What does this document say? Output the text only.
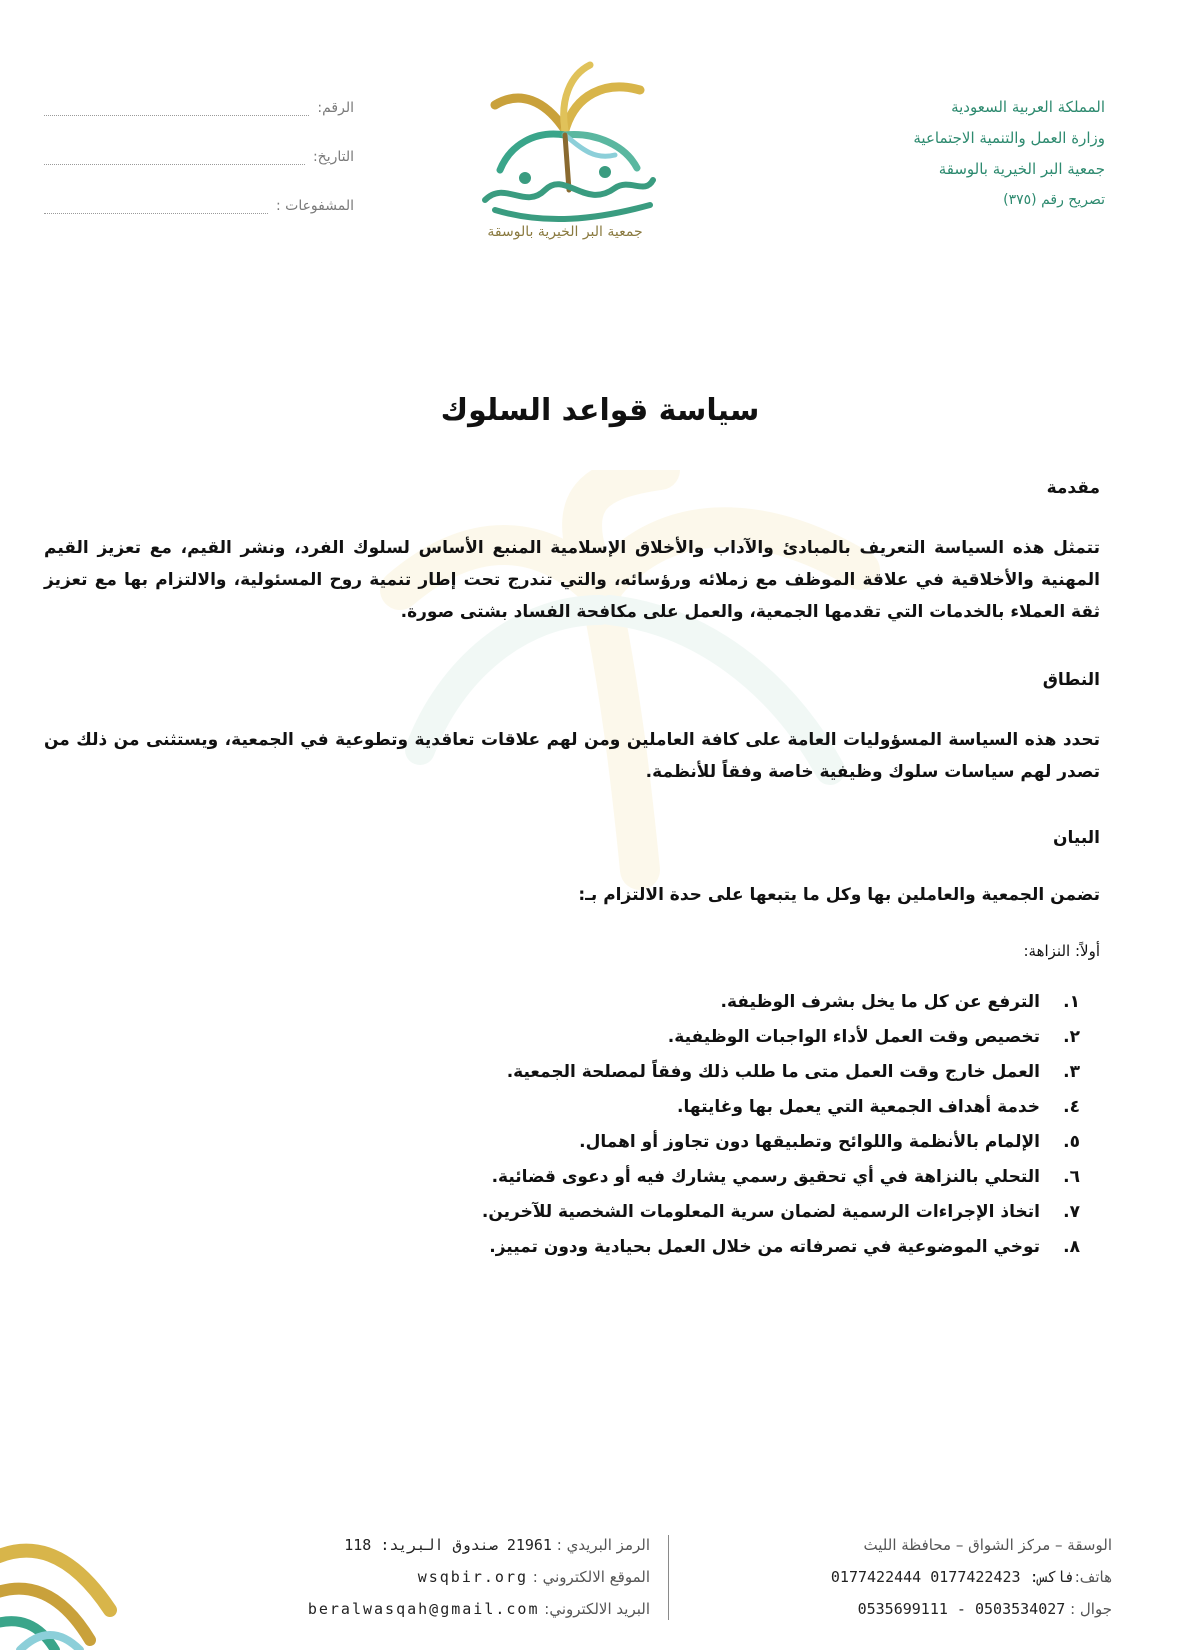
المملكة العربية السعودية
وزارة العمل والتنمية الاجتماعية
جمعية البر الخيرية بالوسقة
تصريح رقم (٣٧٥)
جمعية البر الخيرية بالوسقة
الرقم:
التاريخ:
المشفوعات :
سياسة قواعد السلوك
مقدمة
تتمثل هذه السياسة التعريف بالمبادئ والآداب والأخلاق الإسلامية المنبع الأساس لسلوك الفرد، ونشر القيم، مع تعزيز القيم المهنية والأخلاقية في علاقة الموظف مع زملائه ورؤسائه، والتي تندرج تحت إطار تنمية روح المسئولية، والالتزام بها مع تعزيز ثقة العملاء بالخدمات التي تقدمها الجمعية، والعمل على مكافحة الفساد بشتى صورة.
النطاق
تحدد هذه السياسة المسؤوليات العامة على كافة العاملين ومن لهم علاقات تعاقدية وتطوعية في الجمعية، ويستثنى من ذلك من تصدر لهم سياسات سلوك وظيفية خاصة وفقاً للأنظمة.
البيان
تضمن الجمعية والعاملين بها وكل ما يتبعها على حدة الالتزام بـ:
أولاً: النزاهة:
١.
الترفع عن كل ما يخل بشرف الوظيفة.
٢.
تخصيص وقت العمل لأداء الواجبات الوظيفية.
٣.
العمل خارج وقت العمل متى ما طلب ذلك وفقاً لمصلحة الجمعية.
٤.
خدمة أهداف الجمعية التي يعمل بها وغايتها.
٥.
الإلمام بالأنظمة واللوائح وتطبيقها دون تجاوز أو اهمال.
٦.
التحلي بالنزاهة في أي تحقيق رسمي يشارك فيه أو دعوى قضائية.
٧.
اتخاذ الإجراءات الرسمية لضمان سرية المعلومات الشخصية للآخرين.
٨.
توخي الموضوعية في تصرفاته من خلال العمل بحيادية ودون تمييز.
الوسقة – مركز الشواق – محافظة الليث
هاتف:0177422444 فاكس: 0177422423
جوال : 0535699111 - 0503534027
الرمز البريدي : 21961 صندوق البريد: 118
الموقع الالكتروني : wsqbir.org
البريد الالكتروني: beralwasqah@gmail.com
